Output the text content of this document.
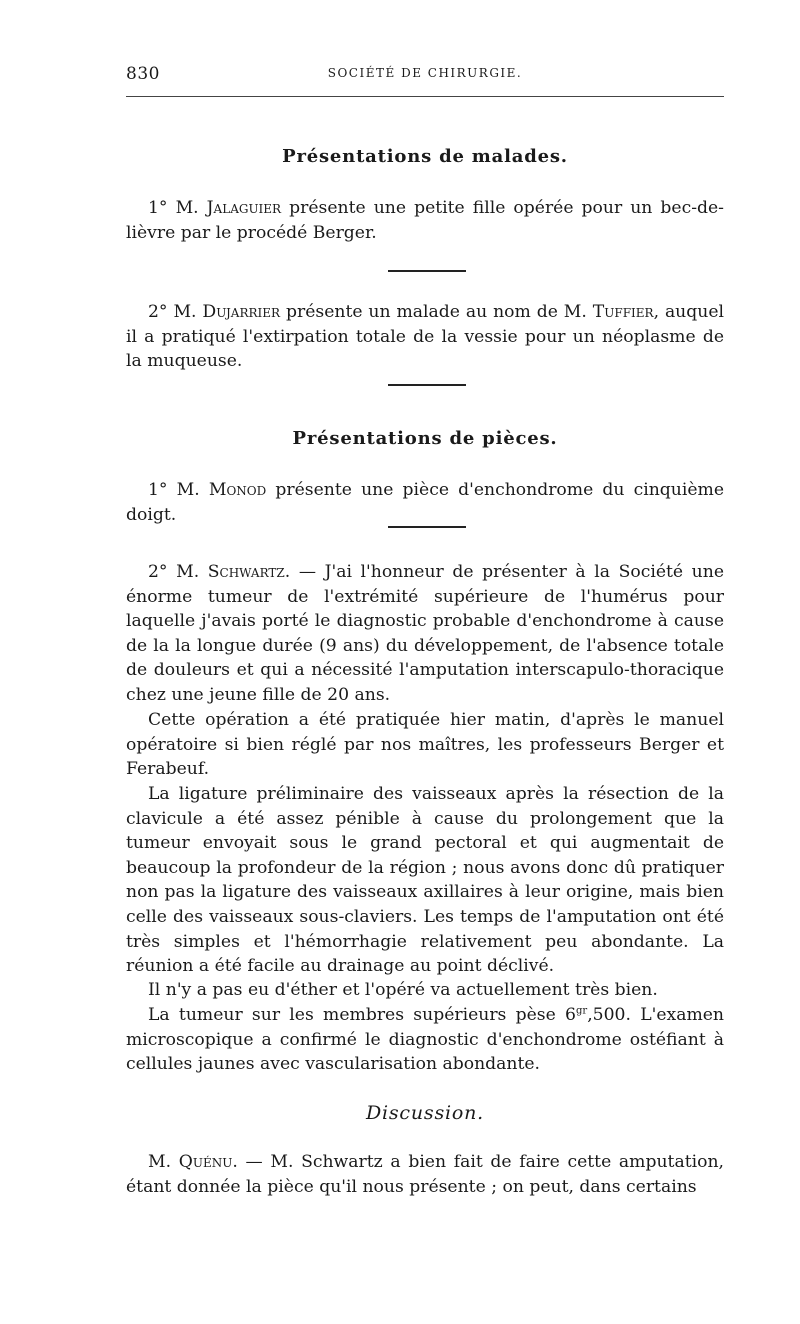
830	SOCIÉTÉ DE CHIRURGIE.
Présentations de malades.

1° M. Jalaguier présente une petite fille opérée pour un bec-de-lièvre par le procédé Berger.

2° M. Dujarrier présente un malade au nom de M. Tuffier, auquel il a pratiqué l'extirpation totale de la vessie pour un néoplasme de la muqueuse.

Présentations de pièces.

1° M. Monod présente une pièce d'enchondrome du cinquième doigt.

2° M. Schwartz. — J'ai l'honneur de présenter à la Société une énorme tumeur de l'extrémité supérieure de l'humérus pour laquelle j'avais porté le diagnostic probable d'enchondrome à cause de la la longue durée (9 ans) du développement, de l'absence totale de douleurs et qui a nécessité l'amputation interscapulo-thoracique chez une jeune fille de 20 ans.

Cette opération a été pratiquée hier matin, d'après le manuel opératoire si bien réglé par nos maîtres, les professeurs Berger et Ferabeuf.

La ligature préliminaire des vaisseaux après la résection de la clavicule a été assez pénible à cause du prolongement que la tumeur envoyait sous le grand pectoral et qui augmentait de beaucoup la profondeur de la région ; nous avons donc dû pratiquer non pas la ligature des vaisseaux axillaires à leur origine, mais bien celle des vaisseaux sous-claviers. Les temps de l'amputation ont été très simples et l'hémorrhagie relativement peu abondante. La réunion a été facile au drainage au point déclivé.

Il n'y a pas eu d'éther et l'opéré va actuellement très bien.

La tumeur sur les membres supérieurs pèse $6^{gr},500$. L'examen microscopique a confirmé le diagnostic d'enchondrome ostéfiant à cellules jaunes avec vascularisation abondante.

Discussion.

M. Quénu. — M. Schwartz a bien fait de faire cette amputation, étant donnée la pièce qu'il nous présente ; on peut, dans certains
